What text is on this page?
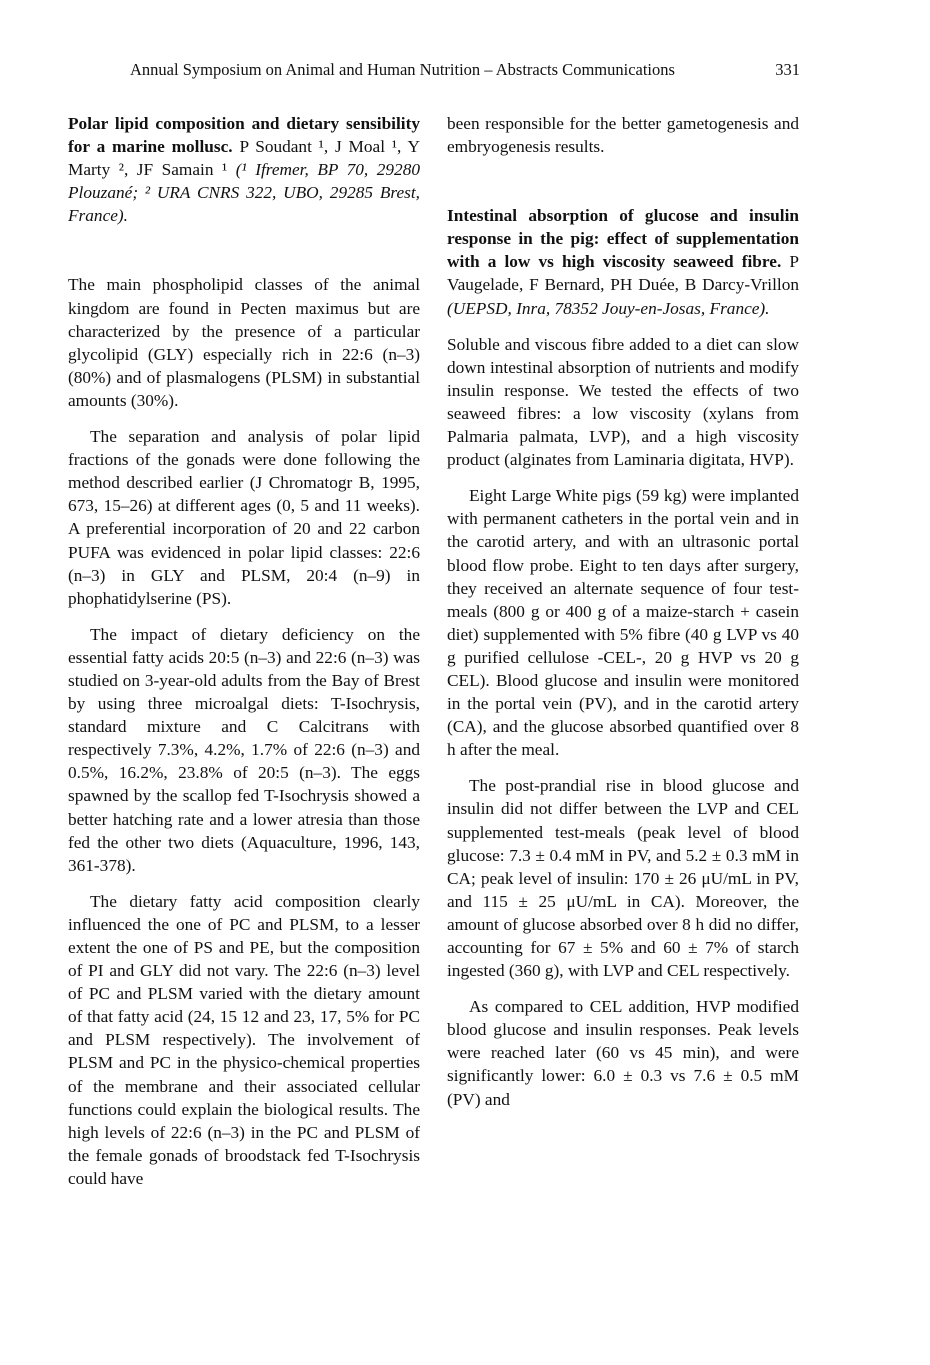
Annual Symposium on Animal and Human Nutrition – Abstracts Communications	331

Polar lipid composition and dietary sensibility for a marine mollusc. P Soudant ¹, J Moal ¹, Y Marty ², JF Samain ¹ (¹ Ifremer, BP 70, 29280 Plouzané; ² URA CNRS 322, UBO, 29285 Brest, France).

The main phospholipid classes of the animal kingdom are found in Pecten maximus but are characterized by the presence of a particular glycolipid (GLY) especially rich in 22:6 (n–3) (80%) and of plasmalogens (PLSM) in substantial amounts (30%).

The separation and analysis of polar lipid fractions of the gonads were done following the method described earlier (J Chromatogr B, 1995, 673, 15–26) at different ages (0, 5 and 11 weeks). A preferential incorporation of 20 and 22 carbon PUFA was evidenced in polar lipid classes: 22:6 (n–3) in GLY and PLSM, 20:4 (n–9) in phophatidylserine (PS).

The impact of dietary deficiency on the essential fatty acids 20:5 (n–3) and 22:6 (n–3) was studied on 3-year-old adults from the Bay of Brest by using three microalgal diets: T-Isochrysis, standard mixture and C Calcitrans with respectively 7.3%, 4.2%, 1.7% of 22:6 (n–3) and 0.5%, 16.2%, 23.8% of 20:5 (n–3). The eggs spawned by the scallop fed T-Isochrysis showed a better hatching rate and a lower atresia than those fed the other two diets (Aquaculture, 1996, 143, 361-378).

The dietary fatty acid composition clearly influenced the one of PC and PLSM, to a lesser extent the one of PS and PE, but the composition of PI and GLY did not vary. The 22:6 (n–3) level of PC and PLSM varied with the dietary amount of that fatty acid (24, 15 12 and 23, 17, 5% for PC and PLSM respectively). The involvement of PLSM and PC in the physico-chemical properties of the membrane and their associated cellular functions could explain the biological results. The high levels of 22:6 (n–3) in the PC and PLSM of the female gonads of broodstack fed T-Isochrysis could have

been responsible for the better gametogenesis and embryogenesis results.

Intestinal absorption of glucose and insulin response in the pig: effect of supplementation with a low vs high viscosity seaweed fibre. P Vaugelade, F Bernard, PH Duée, B Darcy-Vrillon (UEPSD, Inra, 78352 Jouy-en-Josas, France).

Soluble and viscous fibre added to a diet can slow down intestinal absorption of nutrients and modify insulin response. We tested the effects of two seaweed fibres: a low viscosity (xylans from Palmaria palmata, LVP), and a high viscosity product (alginates from Laminaria digitata, HVP).

Eight Large White pigs (59 kg) were implanted with permanent catheters in the portal vein and in the carotid artery, and with an ultrasonic portal blood flow probe. Eight to ten days after surgery, they received an alternate sequence of four test-meals (800 g or 400 g of a maize-starch + casein diet) supplemented with 5% fibre (40 g LVP vs 40 g purified cellulose -CEL-, 20 g HVP vs 20 g CEL). Blood glucose and insulin were monitored in the portal vein (PV), and in the carotid artery (CA), and the glucose absorbed quantified over 8 h after the meal.

The post-prandial rise in blood glucose and insulin did not differ between the LVP and CEL supplemented test-meals (peak level of blood glucose: 7.3 ± 0.4 mM in PV, and 5.2 ± 0.3 mM in CA; peak level of insulin: 170 ± 26 μU/mL in PV, and 115 ± 25 μU/mL in CA). Moreover, the amount of glucose absorbed over 8 h did no differ, accounting for 67 ± 5% and 60 ± 7% of starch ingested (360 g), with LVP and CEL respectively.

As compared to CEL addition, HVP modified blood glucose and insulin responses. Peak levels were reached later (60 vs 45 min), and were significantly lower: 6.0 ± 0.3 vs 7.6 ± 0.5 mM (PV) and
